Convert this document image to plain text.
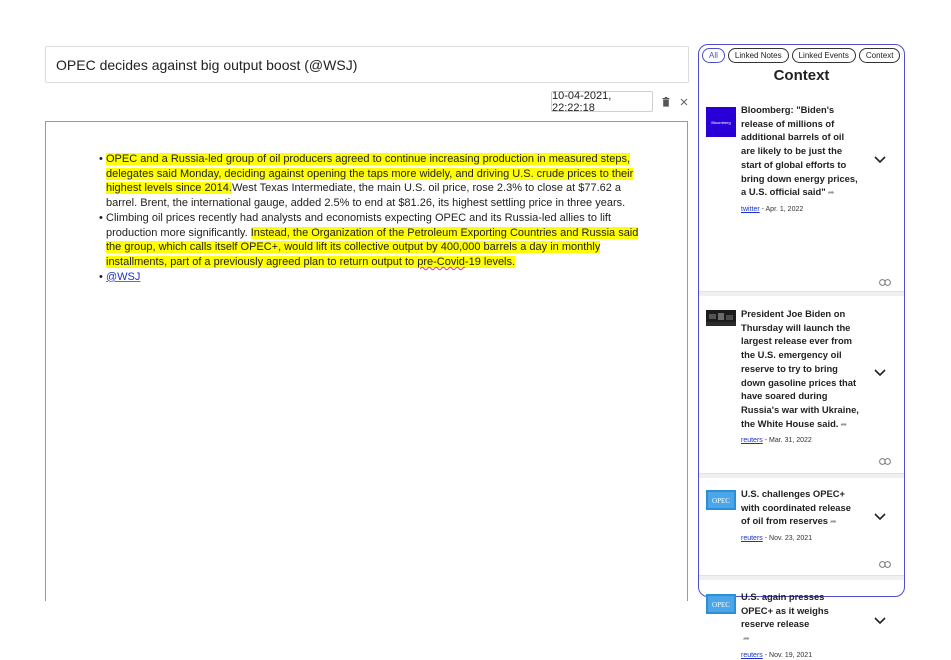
OPEC decides against big output boost (@WSJ)
10-04-2021, 22:22:18
• OPEC and a Russia-led group of oil producers agreed to continue increasing production in measured steps, delegates said Monday, deciding against opening the taps more widely, and driving U.S. crude prices to their highest levels since 2014.West Texas Intermediate, the main U.S. oil price, rose 2.3% to close at $77.62 a barrel. Brent, the international gauge, added 2.5% to end at $81.26, its highest settling price in three years.
• Climbing oil prices recently had analysts and economists expecting OPEC and its Russia-led allies to lift production more significantly. Instead, the Organization of the Petroleum Exporting Countries and Russia said the group, which calls itself OPEC+, would lift its collective output by 400,000 barrels a day in monthly installments, part of a previously agreed plan to return output to pre-Covid-19 levels.
• @WSJ
All	Linked Notes	Linked Events	Context
Context
Bloomberg
Bloomberg: "Biden's release of millions of additional barrels of oil are likely to be just the start of global efforts to bring down energy prices, a U.S. official said" ➦
twitter - Apr. 1, 2022
President Joe Biden on Thursday will launch the largest release ever from the U.S. emergency oil reserve to try to bring down gasoline prices that have soared during Russia's war with Ukraine, the White House said. ➦
reuters - Mar. 31, 2022
OPEC
U.S. challenges OPEC+ with coordinated release of oil from reserves ➦
reuters - Nov. 23, 2021
OPEC
U.S. again presses OPEC+ as it weighs reserve release
➦
reuters - Nov. 19, 2021
